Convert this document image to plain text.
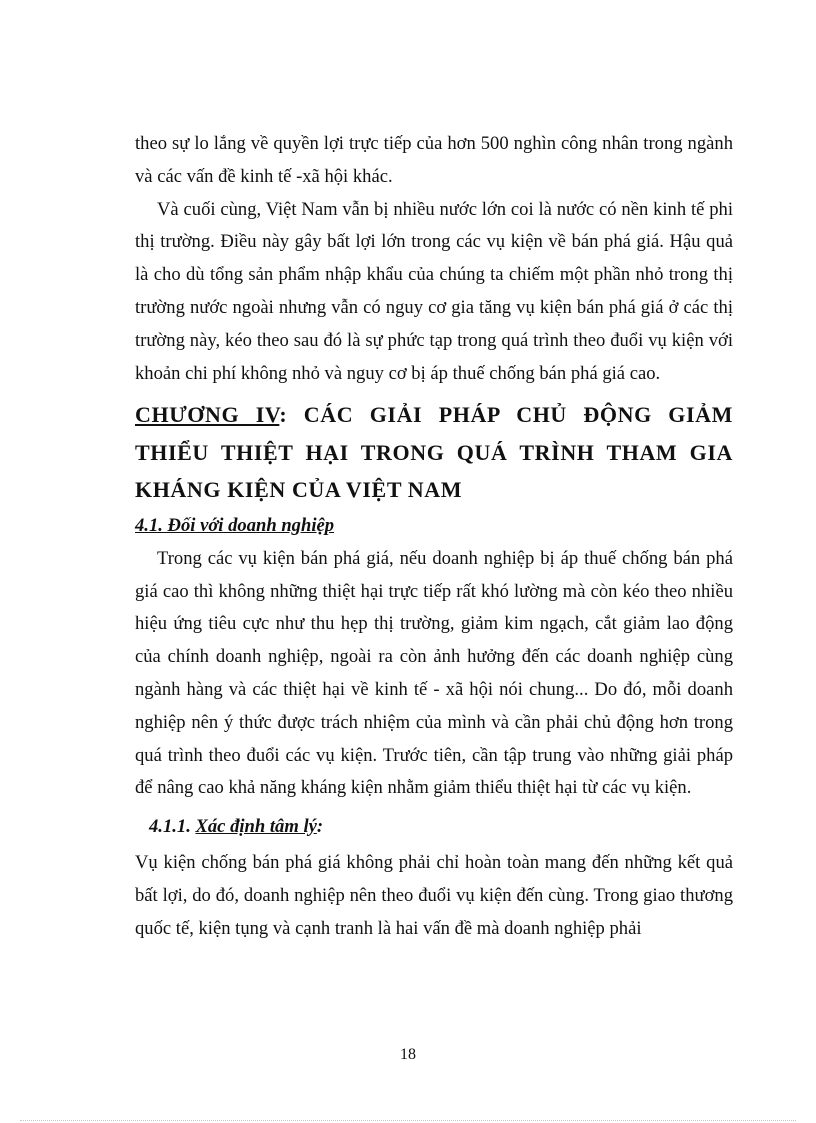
theo sự lo lắng về quyền lợi trực tiếp của hơn 500 nghìn công nhân trong ngành và các vấn đề kinh tế -xã hội khác.

Và cuối cùng, Việt Nam vẫn bị nhiều nước lớn coi là nước có nền kinh tế phi thị trường. Điều này gây bất lợi lớn trong các vụ kiện về bán phá giá. Hậu quả là cho dù tổng sản phẩm nhập khẩu của chúng ta chiếm một phần nhỏ trong thị trường nước ngoài nhưng vẫn có nguy cơ gia tăng vụ kiện bán phá giá ở các thị trường này, kéo theo sau đó là sự phức tạp trong quá trình theo đuổi vụ kiện với khoản chi phí không nhỏ và nguy cơ bị áp thuế chống bán phá giá cao.

CHƯƠNG IV: CÁC GIẢI PHÁP CHỦ ĐỘNG GIẢM THIỂU THIỆT HẠI TRONG QUÁ TRÌNH THAM GIA KHÁNG KIỆN CỦA VIỆT NAM
4.1. Đối với doanh nghiệp

Trong các vụ kiện bán phá giá, nếu doanh nghiệp bị áp thuế chống bán phá giá cao thì không những thiệt hại trực tiếp rất khó lường mà còn kéo theo nhiều hiệu ứng tiêu cực như thu hẹp thị trường, giảm kim ngạch, cắt giảm lao động của chính doanh nghiệp, ngoài ra còn ảnh hưởng đến các doanh nghiệp cùng ngành hàng và các thiệt hại về kinh tế - xã hội nói chung... Do đó, mỗi doanh nghiệp nên ý thức được trách nhiệm của mình và cần phải chủ động hơn trong quá trình theo đuổi các vụ kiện. Trước tiên, cần tập trung vào những giải pháp để nâng cao khả năng kháng kiện nhằm giảm thiểu thiệt hại từ các vụ kiện.

4.1.1. Xác định tâm lý:

Vụ kiện chống bán phá giá không phải chỉ hoàn toàn mang đến những kết quả bất lợi, do đó, doanh nghiệp nên theo đuổi vụ kiện đến cùng. Trong giao thương quốc tế, kiện tụng và cạnh tranh là hai vấn đề mà doanh nghiệp phải

18
